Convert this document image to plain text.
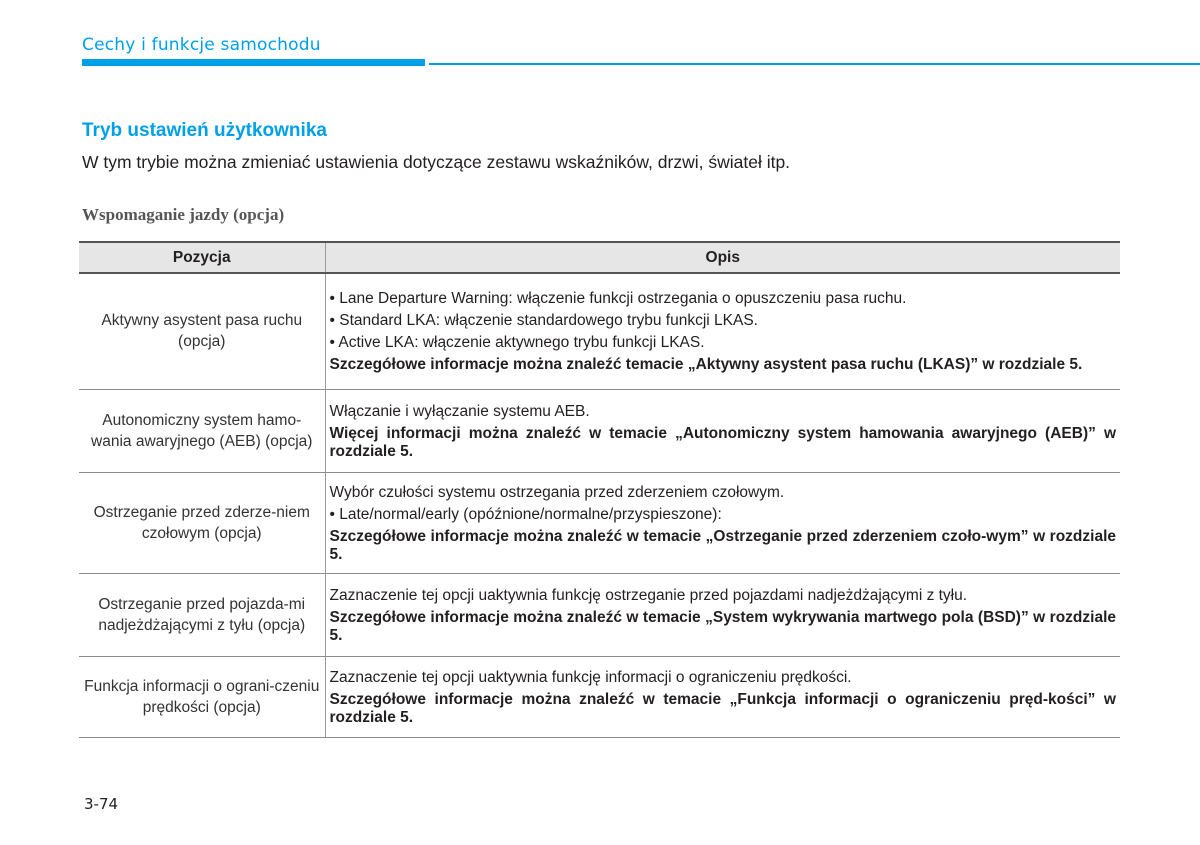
Cechy i funkcje samochodu
Tryb ustawień użytkownika
W tym trybie można zmieniać ustawienia dotyczące zestawu wskaźników, drzwi, świateł itp.
Wspomaganie jazdy (opcja)
Pozycja	Opis
Aktywny asystent pasa ruchu (opcja)	• Lane Departure Warning: włączenie funkcji ostrzegania o opuszczeniu pasa ruchu.
• Standard LKA: włączenie standardowego trybu funkcji LKAS.
• Active LKA: włączenie aktywnego trybu funkcji LKAS.
Szczegółowe informacje można znaleźć temacie „Aktywny asystent pasa ruchu (LKAS)” w rozdziale 5.

Autonomiczny system hamo-wania awaryjnego (AEB) (opcja)	Włączanie i wyłączanie systemu AEB.
Więcej informacji można znaleźć w temacie „Autonomiczny system hamowania awaryjnego (AEB)” w rozdziale 5.

Ostrzeganie przed zderze-niem czołowym (opcja)	Wybór czułości systemu ostrzegania przed zderzeniem czołowym.
• Late/normal/early (opóźnione/normalne/przyspieszone):
Szczegółowe informacje można znaleźć w temacie „Ostrzeganie przed zderzeniem czoło-wym” w rozdziale 5.

Ostrzeganie przed pojazda-mi nadjeżdżającymi z tyłu (opcja)	Zaznaczenie tej opcji uaktywnia funkcję ostrzeganie przed pojazdami nadjeżdżającymi z tyłu.
Szczegółowe informacje można znaleźć w temacie „System wykrywania martwego pola (BSD)” w rozdziale 5.

Funkcja informacji o ograni-czeniu prędkości (opcja)	Zaznaczenie tej opcji uaktywnia funkcję informacji o ograniczeniu prędkości.
Szczegółowe informacje można znaleźć w temacie „Funkcja informacji o ograniczeniu pręd-kości” w rozdziale 5.
3-74
